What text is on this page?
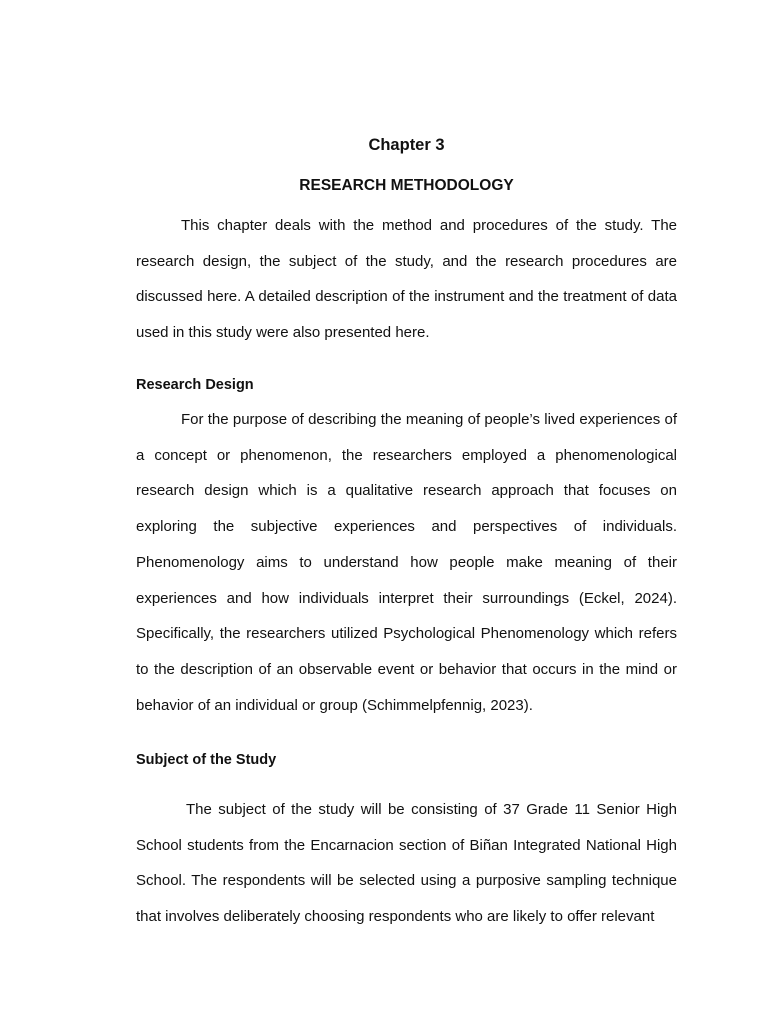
Chapter 3
RESEARCH METHODOLOGY

This chapter deals with the method and procedures of the study. The research design, the subject of the study, and the research procedures are discussed here. A detailed description of the instrument and the treatment of data used in this study were also presented here.

Research Design

For the purpose of describing the meaning of people’s lived experiences of a concept or phenomenon, the researchers employed a phenomenological research design which is a qualitative research approach that focuses on exploring the subjective experiences and perspectives of individuals. Phenomenology aims to understand how people make meaning of their experiences and how individuals interpret their surroundings (Eckel, 2024). Specifically, the researchers utilized Psychological Phenomenology which refers to the description of an observable event or behavior that occurs in the mind or behavior of an individual or group (Schimmelpfennig, 2023).

Subject of the Study

The subject of the study will be consisting of 37 Grade 11 Senior High School students from the Encarnacion section of Biñan Integrated National High School. The respondents will be selected using a purposive sampling technique that involves deliberately choosing respondents who are likely to offer relevant
